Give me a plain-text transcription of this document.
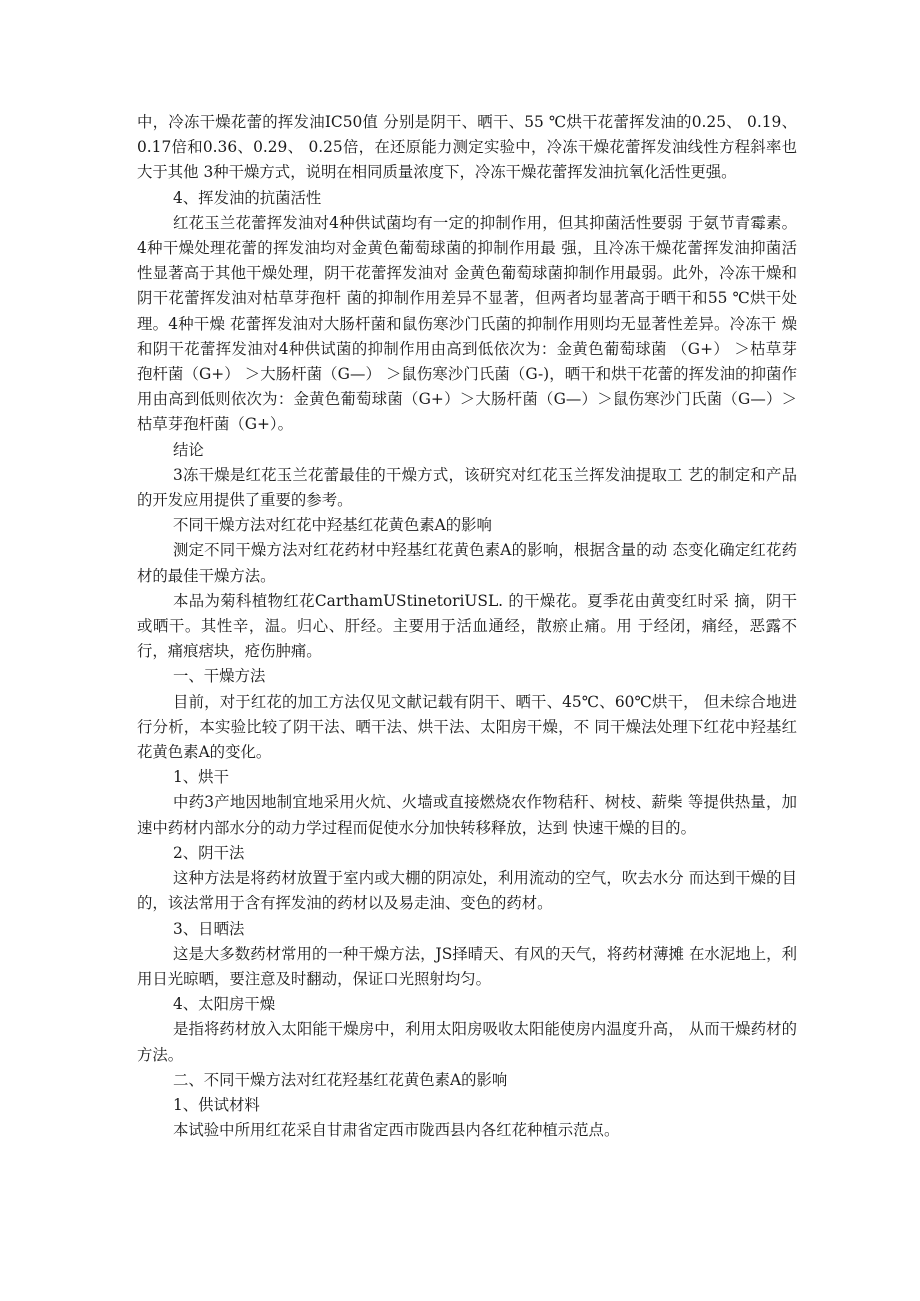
中，冷冻干燥花蕾的挥发油IC50值 分别是阴干、晒干、55 ℃烘干花蕾挥发油的0.25、 0.19、0.17倍和0.36、0.29、 0.25倍，在还原能力测定实验中，冷冻干燥花蕾挥发油线性方程斜率也大于其他 3种干燥方式，说明在相同质量浓度下，冷冻干燥花蕾挥发油抗氧化活性更强。

4、挥发油的抗菌活性

红花玉兰花蕾挥发油对4种供试菌均有一定的抑制作用，但其抑菌活性要弱 于氨节青霉素。4种干燥处理花蕾的挥发油均对金黄色葡萄球菌的抑制作用最 强，且冷冻干燥花蕾挥发油抑菌活性显著高于其他干燥处理，阴干花蕾挥发油对 金黄色葡萄球菌抑制作用最弱。此外，冷冻干燥和阴干花蕾挥发油对枯草芽孢杆 菌的抑制作用差异不显著，但两者均显著高于晒干和55 ℃烘干处理。4种干燥 花蕾挥发油对大肠杆菌和鼠伤寒沙门氏菌的抑制作用则均无显著性差异。冷冻干 燥和阴干花蕾挥发油对4种供试菌的抑制作用由高到低依次为：金黄色葡萄球菌 （G+） ＞枯草芽孢杆菌（G+） ＞大肠杆菌（G—） ＞鼠伤寒沙门氏菌（G-)，晒干和烘干花蕾的挥发油的抑菌作用由高到低则依次为：金黄色葡萄球菌（G+）＞大肠杆菌（G—）＞鼠伤寒沙门氏菌（G—）＞枯草芽孢杆菌（G+）。

结论

3冻干燥是红花玉兰花蕾最佳的干燥方式，该研究对红花玉兰挥发油提取工 艺的制定和产品的开发应用提供了重要的参考。

不同干燥方法对红花中羟基红花黄色素A的影响

测定不同干燥方法对红花药材中羟基红花黄色素A的影响，根据含量的动 态变化确定红花药材的最佳干燥方法。

本品为菊科植物红花CarthamUStinetoriUSL. 的干燥花。夏季花由黄变红时采 摘，阴干或晒干。其性辛，温。归心、肝经。主要用于活血通经，散瘀止痛。用 于经闭，痛经，恶露不行，痛痕痞块，疮伤肿痛。

一、干燥方法

目前，对于红花的加工方法仅见文献记载有阴干、晒干、45℃、60℃烘干， 但未综合地进行分析，本实验比较了阴干法、晒干法、烘干法、太阳房干燥，不 同干燥法处理下红花中羟基红花黄色素A的变化。

1、烘干

中药3产地因地制宜地采用火炕、火墙或直接燃烧农作物秸秆、树枝、薪柴 等提供热量，加速中药材内部水分的动力学过程而促使水分加快转移释放，达到 快速干燥的目的。

2、阴干法

这种方法是将药材放置于室内或大棚的阴凉处，利用流动的空气，吹去水分 而达到干燥的目的，该法常用于含有挥发油的药材以及易走油、变色的药材。

3、日晒法

这是大多数药材常用的一种干燥方法，JS择晴天、有风的天气，将药材薄摊 在水泥地上，利用日光晾晒，要注意及时翻动，保证口光照射均匀。

4、太阳房干燥

是指将药材放入太阳能干燥房中，利用太阳房吸收太阳能使房内温度升高， 从而干燥药材的方法。

二、不同干燥方法对红花羟基红花黄色素A的影响

1、供试材料

本试验中所用红花采自甘肃省定西市陇西县内各红花种植示范点。
